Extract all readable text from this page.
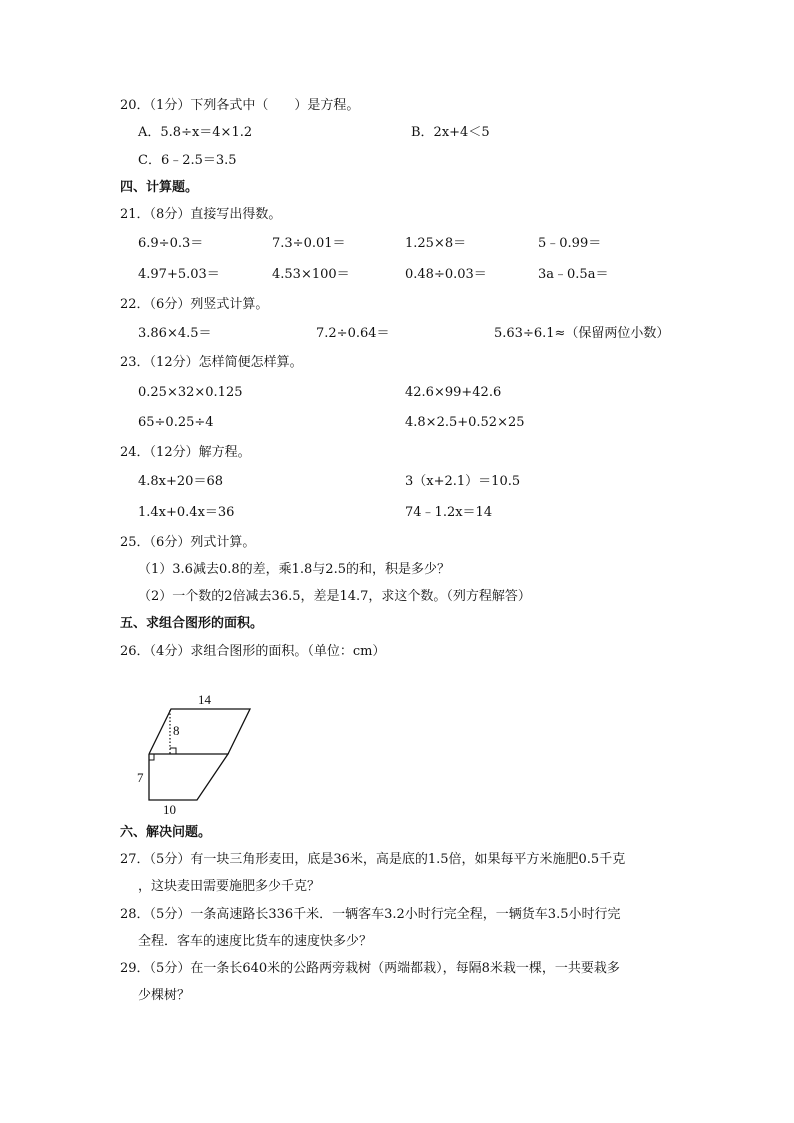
20．（1分）下列各式中（　　）是方程。
A．5.8÷x＝4×1.2	B．2x+4＜5
C．6﹣2.5＝3.5
四、计算题。
21．（8分）直接写出得数。
6.9÷0.3＝	7.3÷0.01＝	1.25×8＝	5﹣0.99＝
4.97+5.03＝	4.53×100＝	0.48÷0.03＝	3a﹣0.5a＝
22．（6分）列竖式计算。
3.86×4.5＝	7.2÷0.64＝	5.63÷6.1≈（保留两位小数）
23．（12分）怎样简便怎样算。
0.25×32×0.125	42.6×99+42.6
65÷0.25÷4	4.8×2.5+0.52×25
24．（12分）解方程。
4.8x+20＝68	3（x+2.1）＝10.5
1.4x+0.4x＝36	74﹣1.2x＝14
25．（6分）列式计算。
（1）3.6减去0.8的差，乘1.8与2.5的和，积是多少？
（2）一个数的2倍减去36.5，差是14.7，求这个数。（列方程解答）
五、求组合图形的面积。
26．（4分）求组合图形的面积。（单位：cm）
14
8
7
10
六、解决问题。
27．（5分）有一块三角形麦田，底是36米，高是底的1.5倍，如果每平方米施肥0.5千克
，这块麦田需要施肥多少千克？
28．（5分）一条高速路长336千米．一辆客车3.2小时行完全程，一辆货车3.5小时行完
全程．客车的速度比货车的速度快多少？
29．（5分）在一条长640米的公路两旁栽树（两端都栽），每隔8米栽一棵，一共要栽多
少棵树？
